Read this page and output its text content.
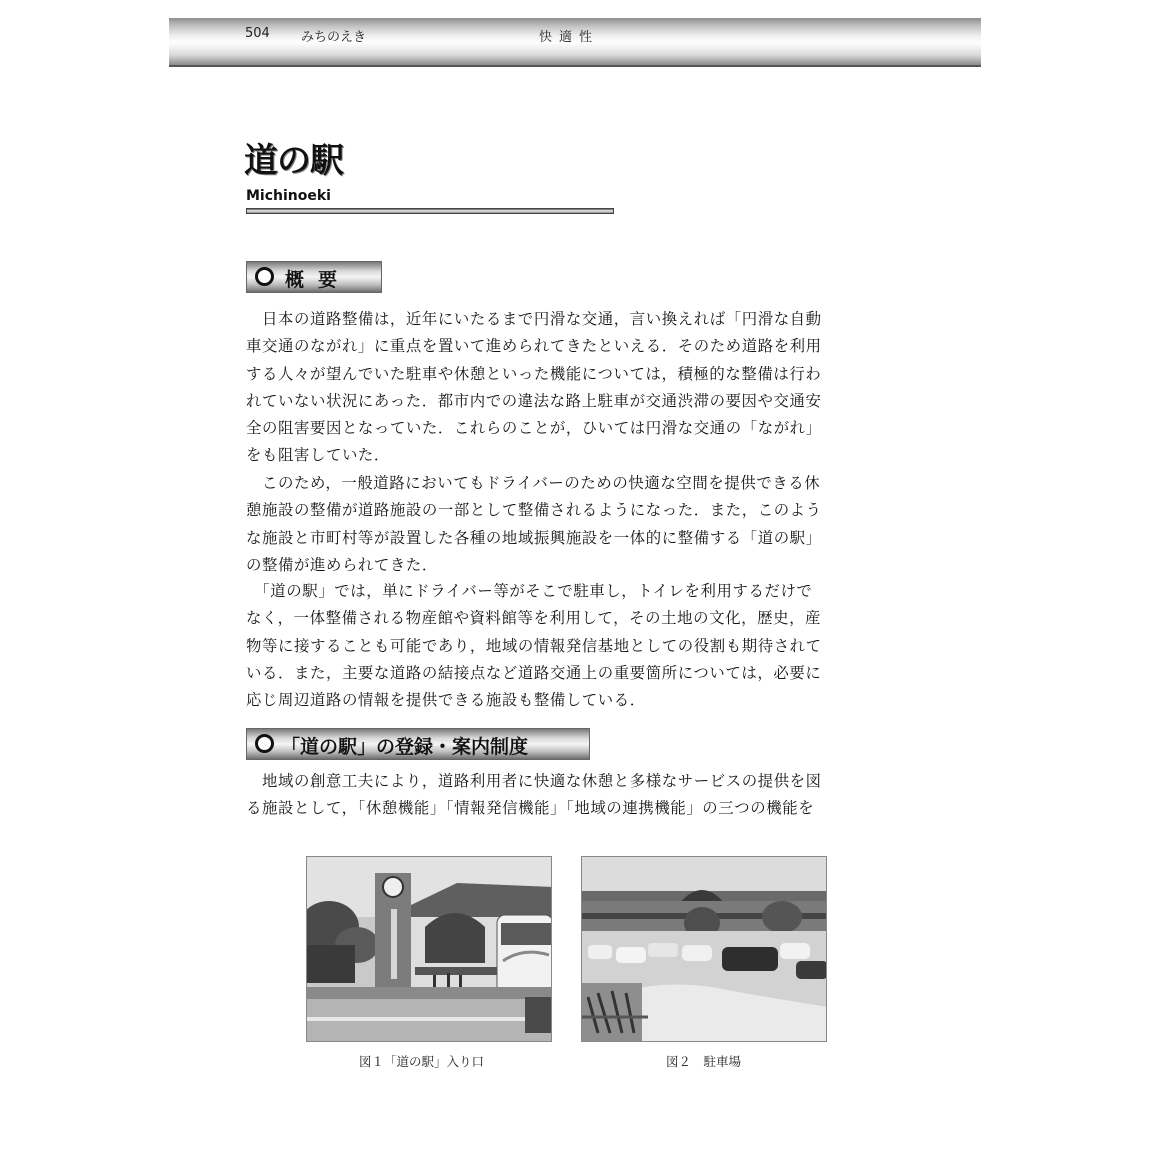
504 みちのえき	快適性
道の駅
Michinoeki
概要

　日本の道路整備は，近年にいたるまで円滑な交通，言い換えれば「円滑な自動
車交通のながれ」に重点を置いて進められてきたといえる．そのため道路を利用
する人々が望んでいた駐車や休憩といった機能については，積極的な整備は行わ
れていない状況にあった．都市内での違法な路上駐車が交通渋滞の要因や交通安
全の阻害要因となっていた．これらのことが，ひいては円滑な交通の「ながれ」
をも阻害していた．

　このため，一般道路においてもドライバーのための快適な空間を提供できる休
憩施設の整備が道路施設の一部として整備されるようになった．また，このよう
な施設と市町村等が設置した各種の地域振興施設を一体的に整備する「道の駅」
の整備が進められてきた．

　「道の駅」では，単にドライバー等がそこで駐車し，トイレを利用するだけで
なく，一体整備される物産館や資料館等を利用して，その土地の文化，歴史，産
物等に接することも可能であり，地域の情報発信基地としての役割も期待されて
いる．また，主要な道路の結接点など道路交通上の重要箇所については，必要に
応じ周辺道路の情報を提供できる施設も整備している．

「道の駅」の登録・案内制度

　地域の創意工夫により，道路利用者に快適な休憩と多様なサービスの提供を図
る施設として，「休憩機能」「情報発信機能」「地域の連携機能」の三つの機能を

図１「道の駅」入り口	図２　駐車場
